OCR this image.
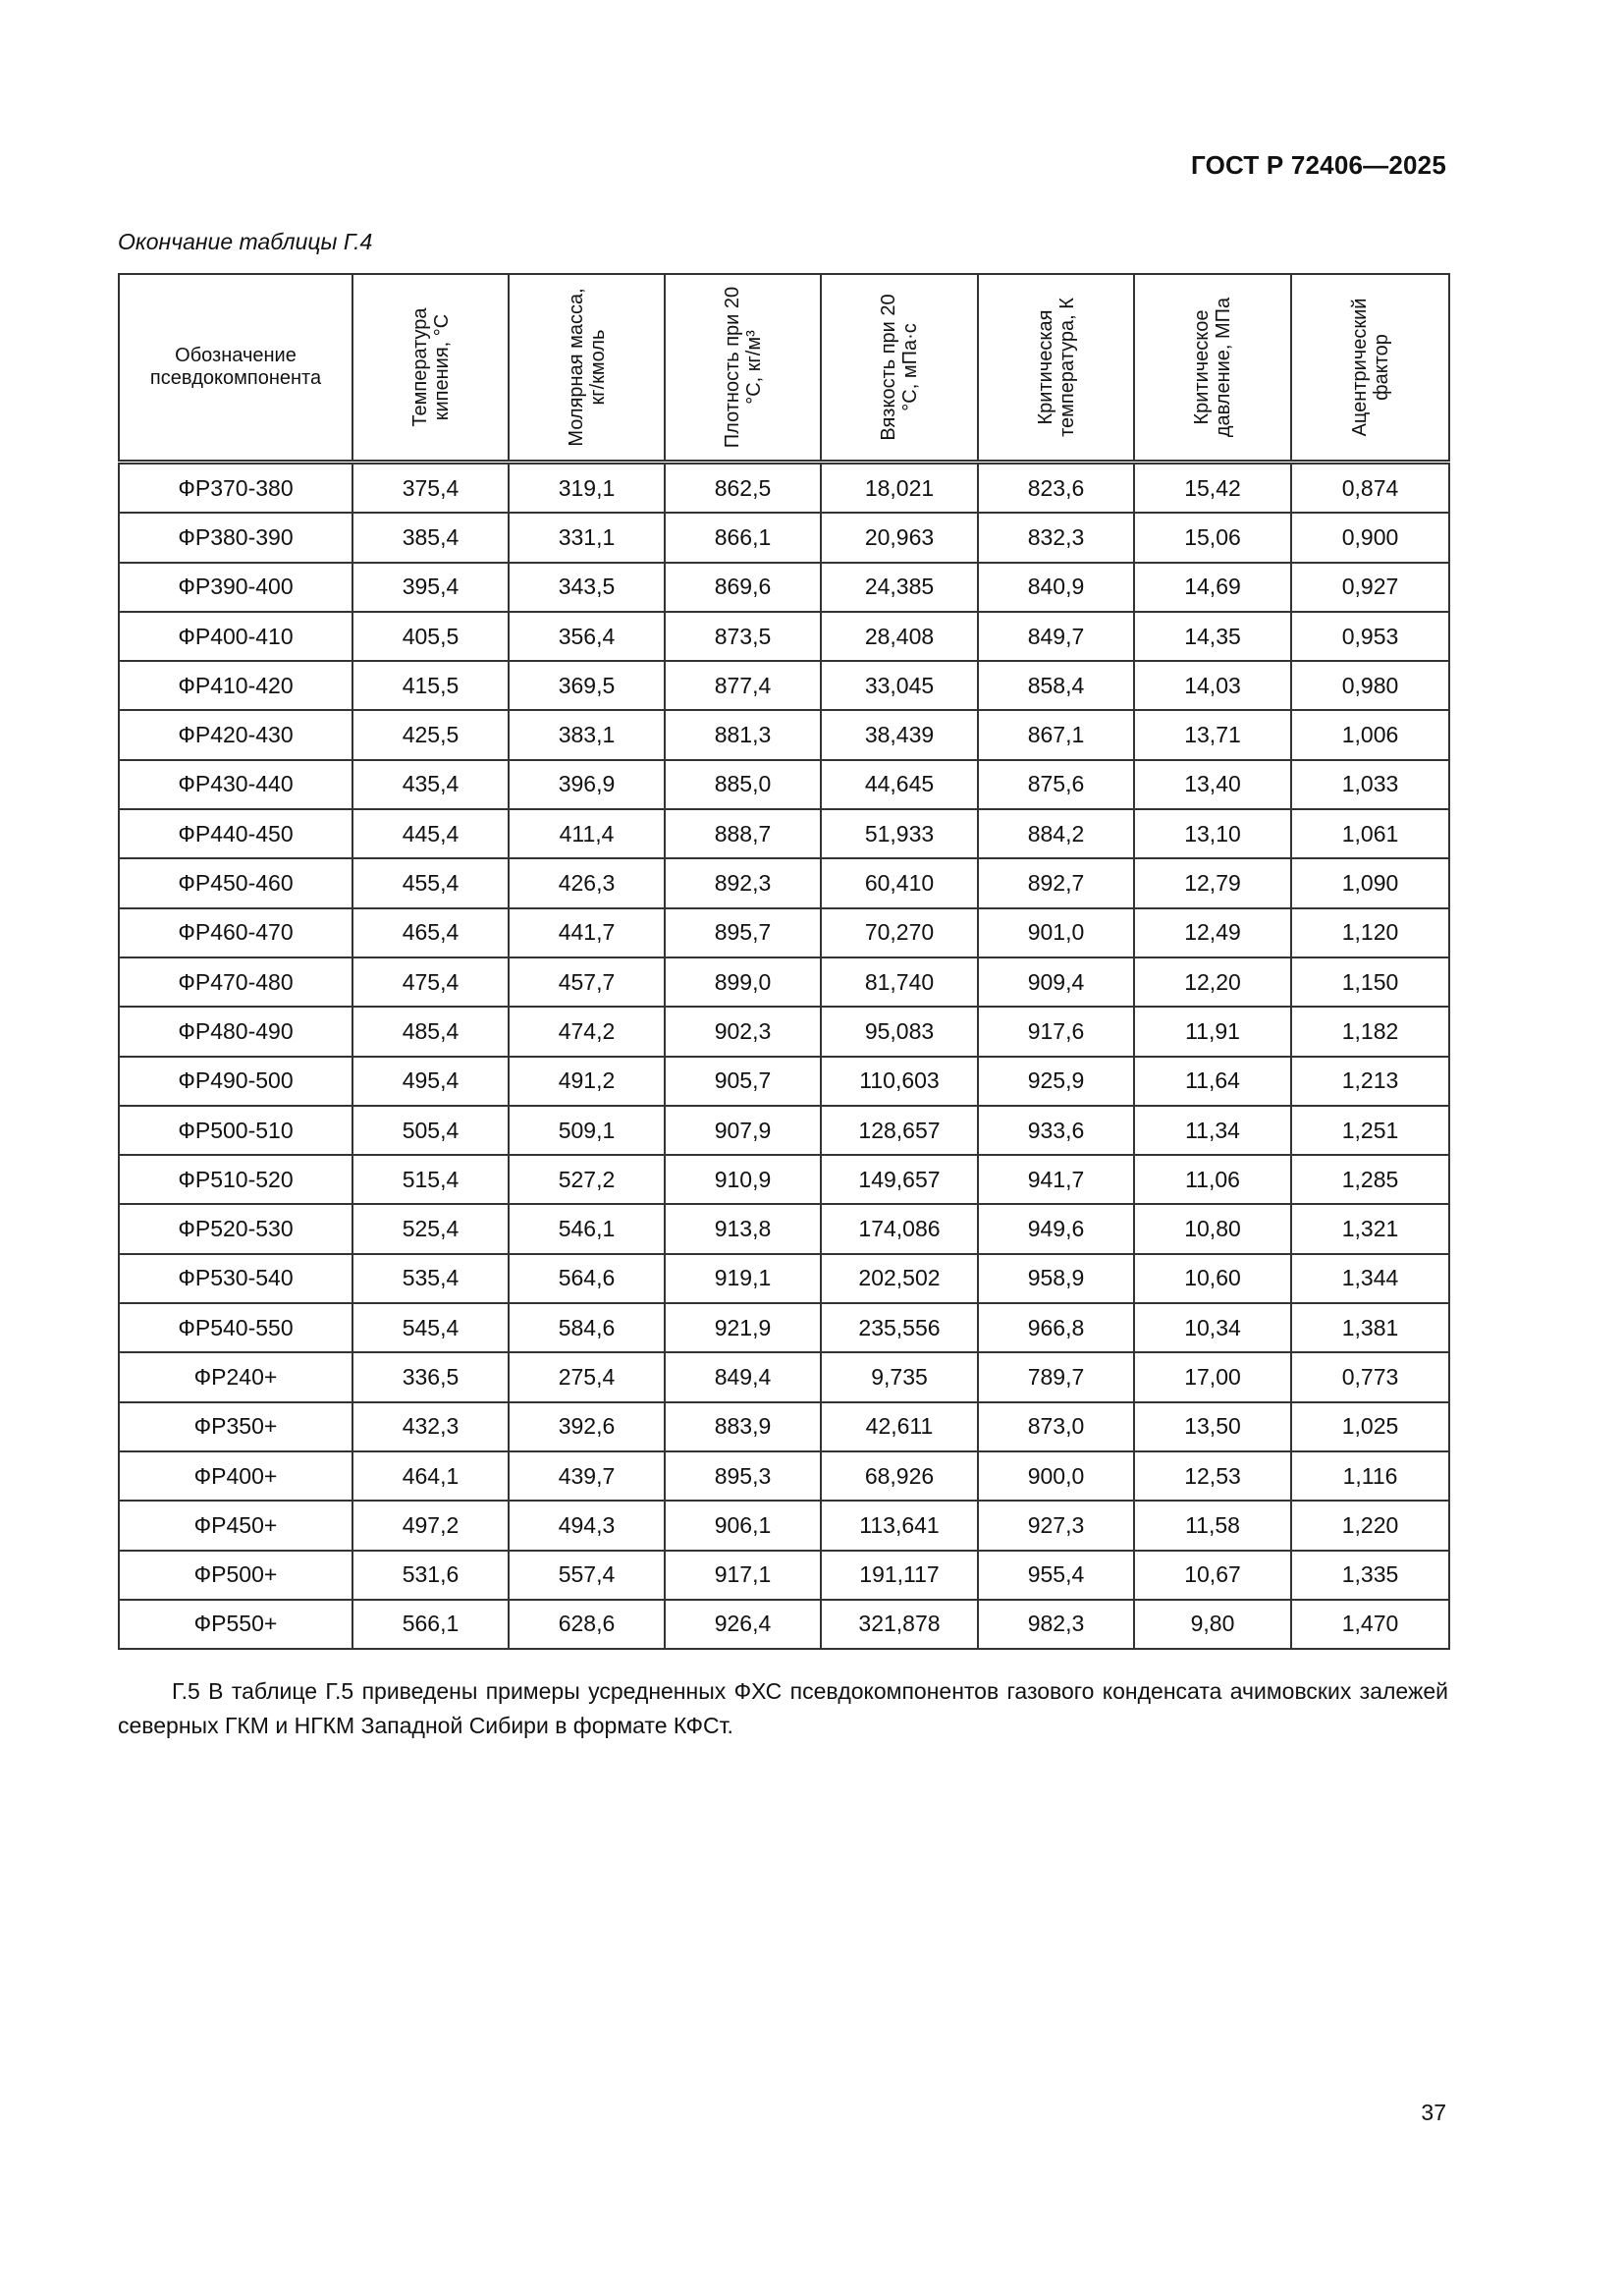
ГОСТ Р 72406—2025
Окончание таблицы Г.4
Обозначение псевдокомпонента	Температура кипения, °С	Молярная масса, кг/кмоль	Плотность при 20 °С, кг/м³	Вязкость при 20 °С, мПа·с	Критическая температура, К	Критическое давление, МПа	Ацентрический фактор

ФР370-380	375,4	319,1	862,5	18,021	823,6	15,42	0,874
ФР380-390	385,4	331,1	866,1	20,963	832,3	15,06	0,900
ФР390-400	395,4	343,5	869,6	24,385	840,9	14,69	0,927
ФР400-410	405,5	356,4	873,5	28,408	849,7	14,35	0,953
ФР410-420	415,5	369,5	877,4	33,045	858,4	14,03	0,980
ФР420-430	425,5	383,1	881,3	38,439	867,1	13,71	1,006
ФР430-440	435,4	396,9	885,0	44,645	875,6	13,40	1,033
ФР440-450	445,4	411,4	888,7	51,933	884,2	13,10	1,061
ФР450-460	455,4	426,3	892,3	60,410	892,7	12,79	1,090
ФР460-470	465,4	441,7	895,7	70,270	901,0	12,49	1,120
ФР470-480	475,4	457,7	899,0	81,740	909,4	12,20	1,150
ФР480-490	485,4	474,2	902,3	95,083	917,6	11,91	1,182
ФР490-500	495,4	491,2	905,7	110,603	925,9	11,64	1,213
ФР500-510	505,4	509,1	907,9	128,657	933,6	11,34	1,251
ФР510-520	515,4	527,2	910,9	149,657	941,7	11,06	1,285
ФР520-530	525,4	546,1	913,8	174,086	949,6	10,80	1,321
ФР530-540	535,4	564,6	919,1	202,502	958,9	10,60	1,344
ФР540-550	545,4	584,6	921,9	235,556	966,8	10,34	1,381
ФР240+	336,5	275,4	849,4	9,735	789,7	17,00	0,773
ФР350+	432,3	392,6	883,9	42,611	873,0	13,50	1,025
ФР400+	464,1	439,7	895,3	68,926	900,0	12,53	1,116
ФР450+	497,2	494,3	906,1	113,641	927,3	11,58	1,220
ФР500+	531,6	557,4	917,1	191,117	955,4	10,67	1,335
ФР550+	566,1	628,6	926,4	321,878	982,3	9,80	1,470
Г.5 В таблице Г.5 приведены примеры усредненных ФХС псевдокомпонентов газового конденсата ачимовских залежей северных ГКМ и НГКМ Западной Сибири в формате КФСт.
37
